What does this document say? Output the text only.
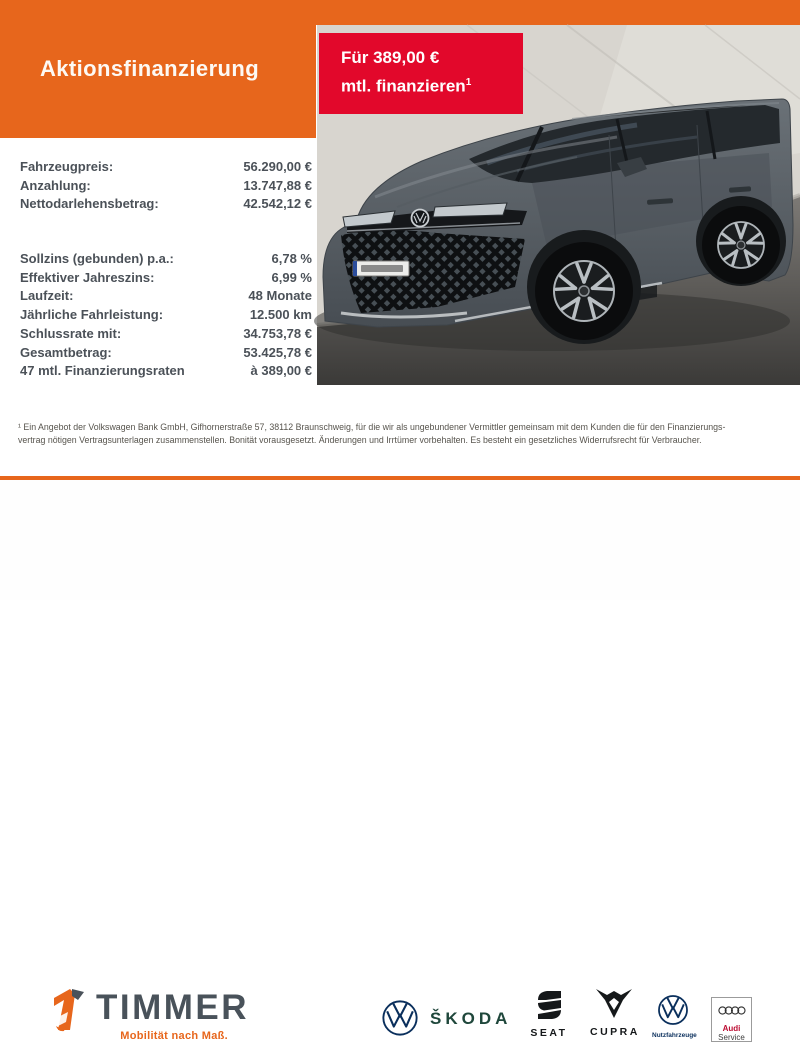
Aktionsfinanzierung	Für 389,00 €
mtl. finanzieren$^1$
Fahrzeugpreis:	56.290,00 €
Anzahlung:	13.747,88 €
Nettodarlehensbetrag:	42.542,12 €
Sollzins (gebunden) p.a.:	6,78 %
Effektiver Jahreszins:	6,99 %
Laufzeit:	48 Monate
Jährliche Fahrleistung:	12.500 km
Schlussrate mit:	34.753,78 €
Gesamtbetrag:	53.425,78 €
47 mtl. Finanzierungsraten	à 389,00 €
¹ Ein Angebot der Volkswagen Bank GmbH, Gifhornerstraße 57, 38112 Braunschweig, für die wir als ungebundener Vermittler gemeinsam mit dem Kunden die für den Finanzierungs-
vertrag nötigen Vertragsunterlagen zusammenstellen. Bonität vorausgesetzt. Änderungen und Irrtümer vorbehalten. Es besteht ein gesetzliches Widerrufsrecht für Verbraucher.
TIMMER
Mobilität nach Maß.
ŠKODA
SEAT	CUPRA Nutzfahrzeuge
Audi
Service
